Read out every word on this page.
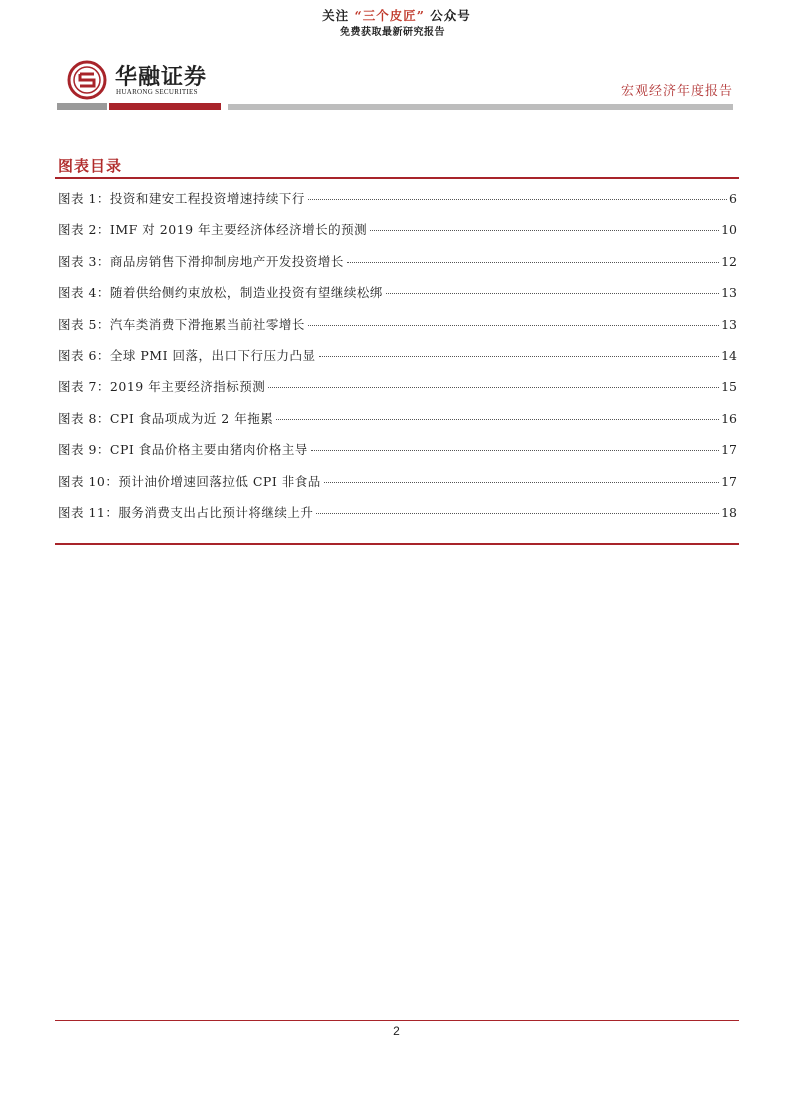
关注 “三个皮匠” 公众号
免费获取最新研究报告
华融证券
HUARONG SECURITIES	宏观经济年度报告
图表目录
图表 1：投资和建安工程投资增速持续下行	6
图表 2：IMF 对 2019 年主要经济体经济增长的预测	10
图表 3：商品房销售下滑抑制房地产开发投资增长	12
图表 4：随着供给侧约束放松，制造业投资有望继续松绑	13
图表 5：汽车类消费下滑拖累当前社零增长	13
图表 6：全球 PMI 回落，出口下行压力凸显	14
图表 7：2019 年主要经济指标预测	15
图表 8：CPI 食品项成为近 2 年拖累	16
图表 9：CPI 食品价格主要由猪肉价格主导	17
图表 10：预计油价增速回落拉低 CPI 非食品	17
图表 11：服务消费支出占比预计将继续上升	18
2
